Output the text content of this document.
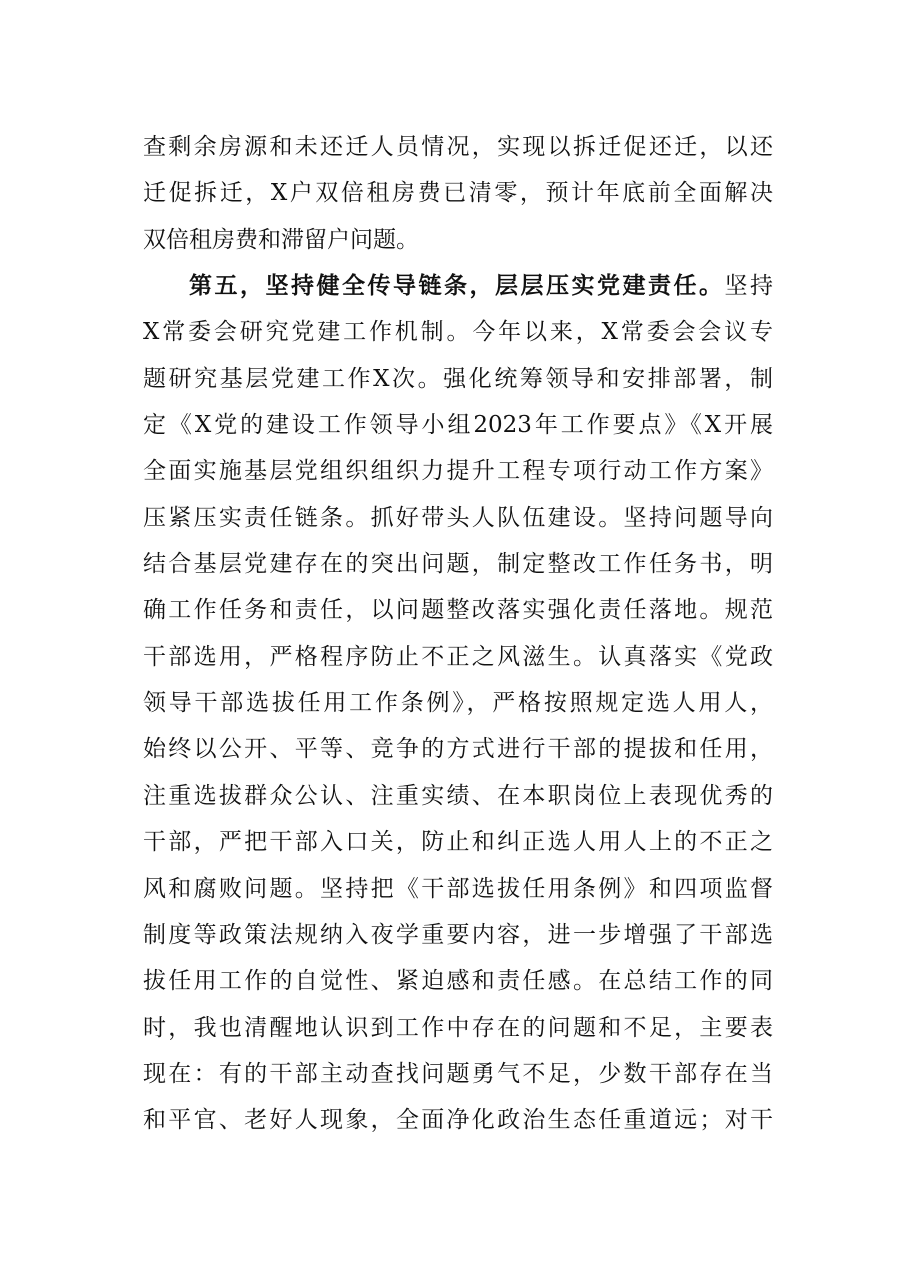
查剩余房源和未还迁人员情况，实现以拆迁促还迁，以还
迁促拆迁，X户双倍租房费已清零，预计年底前全面解决
双倍租房费和滞留户问题。
第五，坚持健全传导链条，层层压实党建责任。坚持
X常委会研究党建工作机制。今年以来，X常委会会议专
题研究基层党建工作X次。强化统筹领导和安排部署，制
定《X党的建设工作领导小组2023年工作要点》《X开展
全面实施基层党组织组织力提升工程专项行动工作方案》
压紧压实责任链条。抓好带头人队伍建设。坚持问题导向
结合基层党建存在的突出问题，制定整改工作任务书，明
确工作任务和责任，以问题整改落实强化责任落地。规范
干部选用，严格程序防止不正之风滋生。认真落实《党政
领导干部选拔任用工作条例》，严格按照规定选人用人，
始终以公开、平等、竞争的方式进行干部的提拔和任用，
注重选拔群众公认、注重实绩、在本职岗位上表现优秀的
干部，严把干部入口关，防止和纠正选人用人上的不正之
风和腐败问题。坚持把《干部选拔任用条例》和四项监督
制度等政策法规纳入夜学重要内容，进一步增强了干部选
拔任用工作的自觉性、紧迫感和责任感。在总结工作的同
时，我也清醒地认识到工作中存在的问题和不足，主要表
现在：有的干部主动查找问题勇气不足，少数干部存在当
和平官、老好人现象，全面净化政治生态任重道远；对干
